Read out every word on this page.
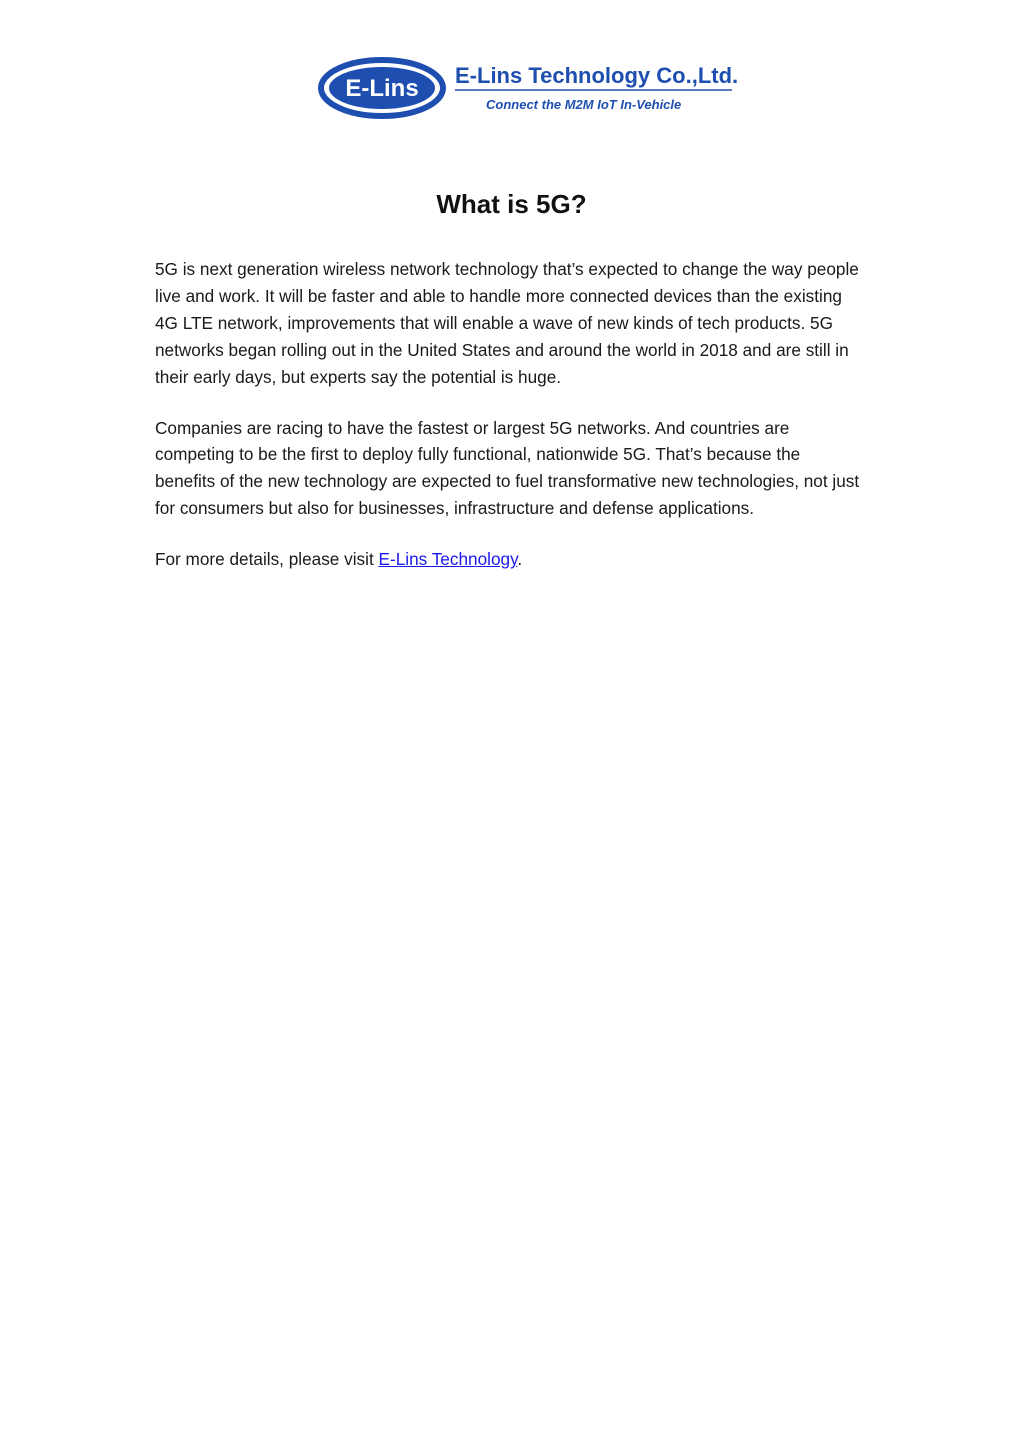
E-Lins E-Lins Technology Co.,Ltd.
Connect the M2M IoT In-Vehicle
What is 5G?

5G is next generation wireless network technology that’s expected to change the way people live and work. It will be faster and able to handle more connected devices than the existing 4G LTE network, improvements that will enable a wave of new kinds of tech products. 5G networks began rolling out in the United States and around the world in 2018 and are still in their early days, but experts say the potential is huge.

Companies are racing to have the fastest or largest 5G networks. And countries are competing to be the first to deploy fully functional, nationwide 5G. That’s because the benefits of the new technology are expected to fuel transformative new technologies, not just for consumers but also for businesses, infrastructure and defense applications.

For more details, please visit E-Lins Technology.
